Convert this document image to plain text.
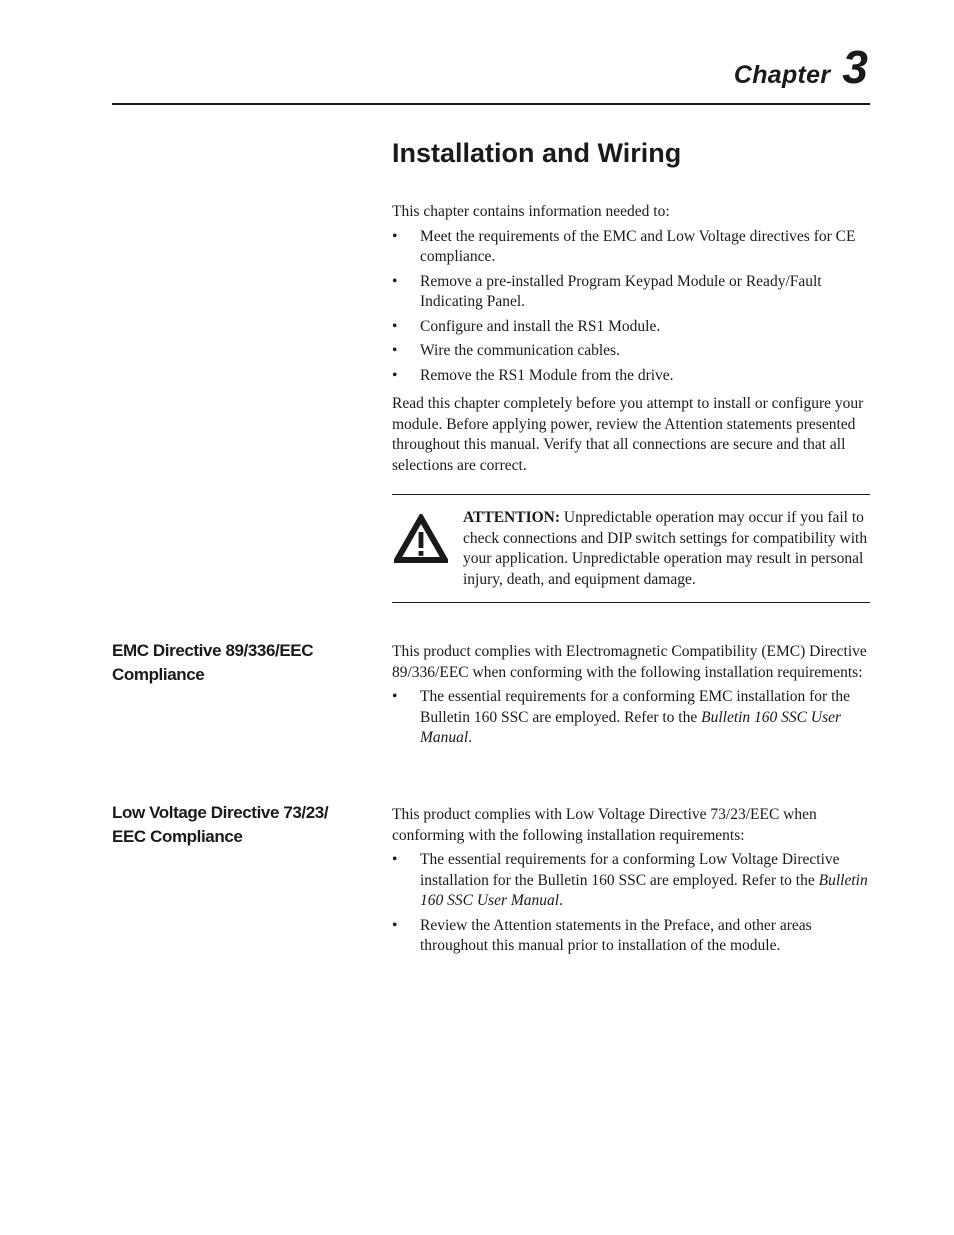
Chapter 3
Installation and Wiring

This chapter contains information needed to:

• Meet the requirements of the EMC and Low Voltage directives for CE compliance.
• Remove a pre-installed Program Keypad Module or Ready/Fault Indicating Panel.
• Configure and install the RS1 Module.
• Wire the communication cables.
• Remove the RS1 Module from the drive.

Read this chapter completely before you attempt to install or configure your module. Before applying power, review the Attention statements presented throughout this manual. Verify that all connections are secure and that all selections are correct.

ATTENTION: Unpredictable operation may occur if you fail to check connections and DIP switch settings for compatibility with your application. Unpredictable operation may result in personal injury, death, and equipment damage.
EMC Directive 89/336/EEC
Compliance

This product complies with Electromagnetic Compatibility (EMC) Directive 89/336/EEC when conforming with the following installation requirements:

• The essential requirements for a conforming EMC installation for the Bulletin 160 SSC are employed. Refer to the Bulletin 160 SSC User Manual.
Low Voltage Directive 73/23/
EEC Compliance

This product complies with Low Voltage Directive 73/23/EEC when conforming with the following installation requirements:

• The essential requirements for a conforming Low Voltage Directive installation for the Bulletin 160 SSC are employed. Refer to the Bulletin 160 SSC User Manual.
• Review the Attention statements in the Preface, and other areas throughout this manual prior to installation of the module.
